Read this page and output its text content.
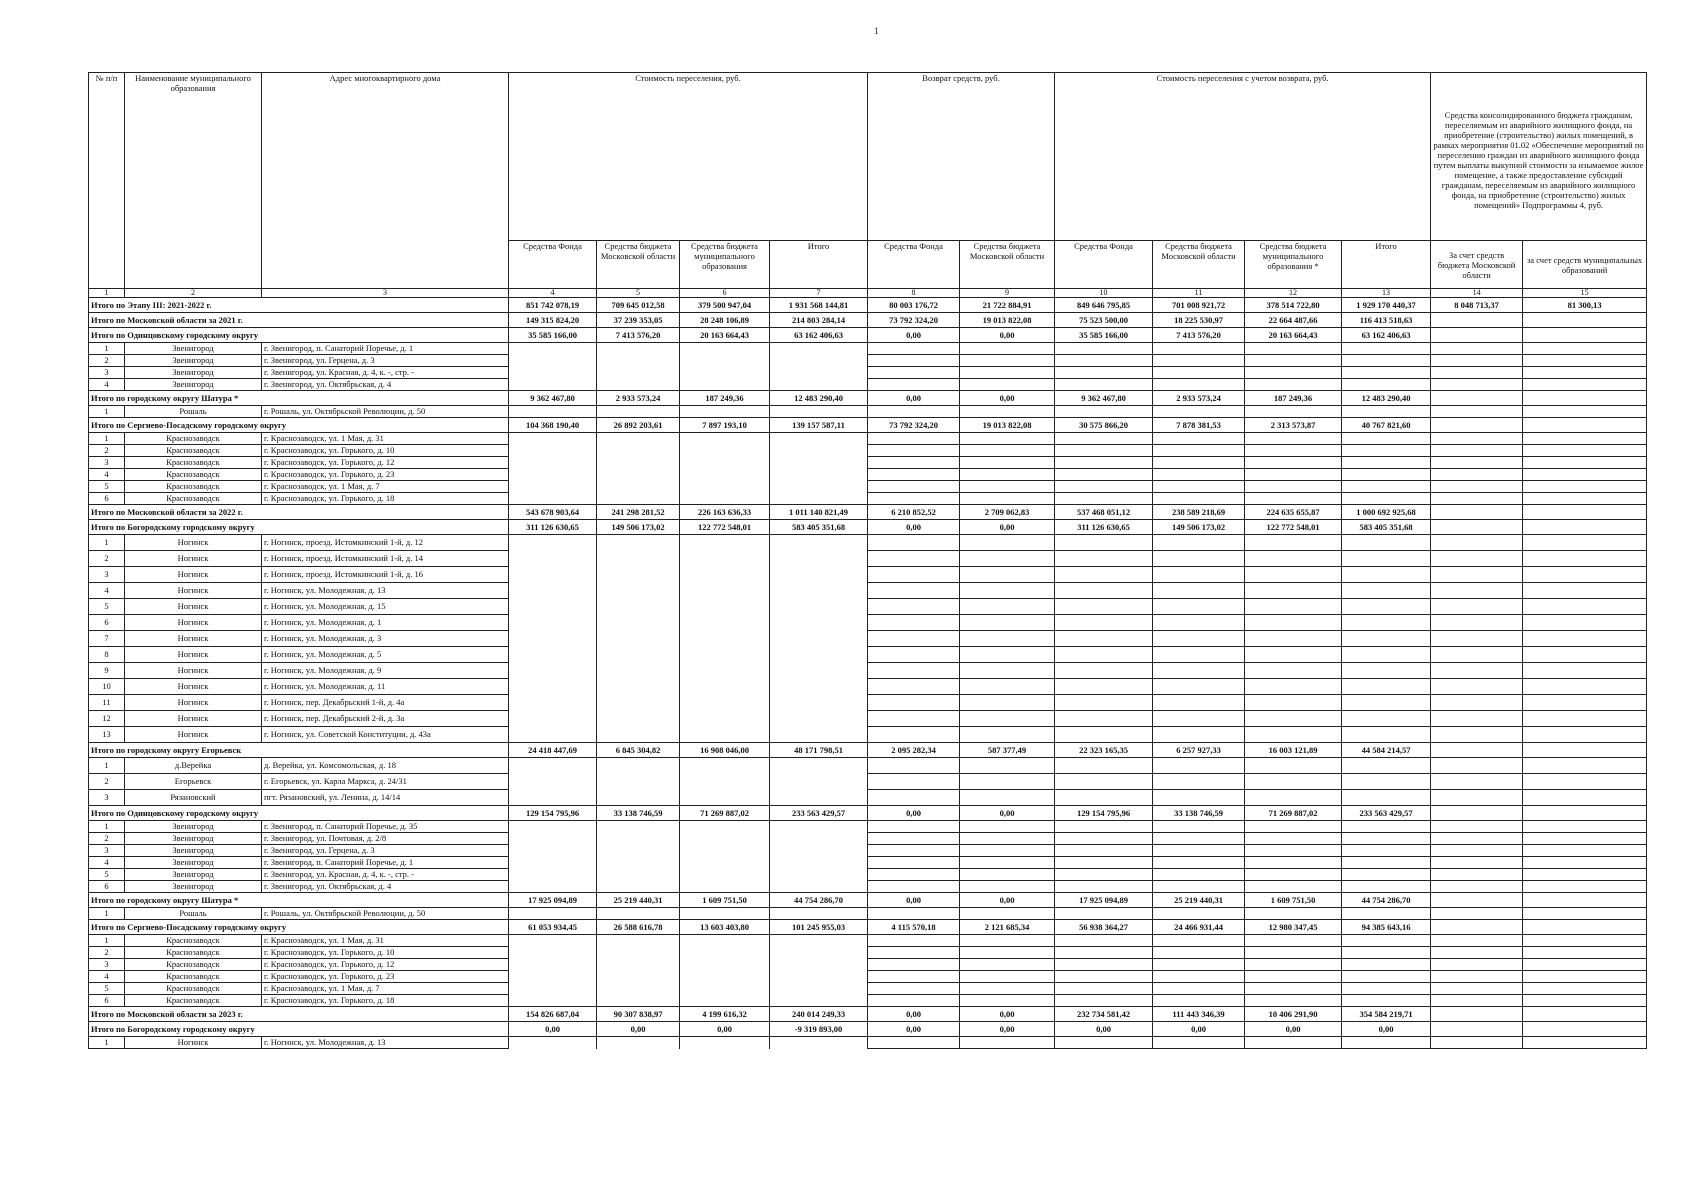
1
№ п/п	Наименование муниципального образования	Адрес многоквартирного дома	Стоимость переселения, руб.				Возврат средств, руб.		Стоимость переселения с учетом возврата, руб.				Средства консолидированного бюджета гражданам, переселяемым из аварийного жилищного фонда, на приобретение (строительство) жилых помещений, в рамках мероприятия 01.02 «Обеспечение мероприятий по переселению граждан из аварийного жилищного фонда путем выплаты выкупной стоимости за изымаемое жилое помещение, а также предоставление субсидий гражданам, переселяемым из аварийного жилищного фонда, на приобретение (строительство) жилых помещений» Подпрограммы 4, руб.	
			Средства Фонда	Средства бюджета Московской области	Средства бюджета муниципального образования	Итого	Средства Фонда	Средства бюджета Московской области	Средства Фонда	Средства бюджета Московской области	Средства бюджета муниципального образования *	Итого	За счет средств бюджета Московской области	за счет средств муниципальных образований
1	2	3	4	5	6	7	8	9	10	11	12	13	14	15
Итого по Этапу III: 2021-2022 г.			851 742 078,19	709 645 012,58	379 500 947,04	1 931 568 144,81	80 003 176,72	21 722 884,91	849 646 795,85	701 008 921,72	378 514 722,80	1 929 170 440,37	8 048 713,37	81 300,13
Итого по Московской области за 2021 г.			149 315 824,20	37 239 353,05	28 248 106,89	214 803 284,14	73 792 324,20	19 013 822,08	75 523 500,00	18 225 530,97	22 664 487,66	116 413 518,63		
Итого по Одинцовскому городскому округу			35 585 166,00	7 413 576,20	20 163 664,43	63 162 406,63	0,00	0,00	35 585 166,00	7 413 576,20	20 163 664,43	63 162 406,63		
1	Звенигород	г. Звенигород, п. Санаторий Поречье, д. 1												
2	Звенигород	г. Звенигород, ул. Герцена, д. 3												
3	Звенигород	г. Звенигород, ул. Красная, д. 4, к. -, стр. -												
4	Звенигород	г. Звенигород, ул. Октябрьская, д. 4												
Итого по городскому округу Шатура *			9 362 467,80	2 933 573,24	187 249,36	12 483 290,40	0,00	0,00	9 362 467,80	2 933 573,24	187 249,36	12 483 290,40		
1	Рошаль	г. Рошаль, ул. Октябрьской Революции, д. 50												
Итого по Сергиево-Посадскому городскому округу			104 368 190,40	26 892 203,61	7 897 193,10	139 157 587,11	73 792 324,20	19 013 822,08	30 575 866,20	7 878 381,53	2 313 573,87	40 767 821,60		
1	Краснозаводск	г. Краснозаводск, ул. 1 Мая, д. 31												
2	Краснозаводск	г. Краснозаводск, ул. Горького, д. 10												
3	Краснозаводск	г. Краснозаводск, ул. Горького, д. 12												
4	Краснозаводск	г. Краснозаводск, ул. Горького, д. 23												
5	Краснозаводск	г. Краснозаводск, ул. 1 Мая, д. 7												
6	Краснозаводск	г. Краснозаводск, ул. Горького, д. 18												
Итого по Московской области за 2022 г.			543 678 903,64	241 298 281,52	226 163 636,33	1 011 140 821,49	6 210 852,52	2 709 062,83	537 468 051,12	238 589 218,69	224 635 655,87	1 000 692 925,68		
Итого по Богородскому городскому округу			311 126 630,65	149 506 173,02	122 772 548,01	583 405 351,68	0,00	0,00	311 126 630,65	149 506 173,02	122 772 548,01	583 405 351,68		
1	Ногинск	г. Ногинск, проезд. Истомкинский 1-й, д. 12												
2	Ногинск	г. Ногинск, проезд. Истомкинский 1-й, д. 14												
3	Ногинск	г. Ногинск, проезд. Истомкинский 1-й, д. 16												
4	Ногинск	г. Ногинск, ул. Молодежная, д. 13												
5	Ногинск	г. Ногинск, ул. Молодежная, д. 15												
6	Ногинск	г. Ногинск, ул. Молодежная, д. 1												
7	Ногинск	г. Ногинск, ул. Молодежная, д. 3												
8	Ногинск	г. Ногинск, ул. Молодежная, д. 5												
9	Ногинск	г. Ногинск, ул. Молодежная, д. 9												
10	Ногинск	г. Ногинск, ул. Молодежная, д. 11												
11	Ногинск	г. Ногинск, пер. Декабрьский 1-й, д. 4а												
12	Ногинск	г. Ногинск, пер. Декабрьский 2-й, д. 3а												
13	Ногинск	г. Ногинск, ул. Советской Конституции, д. 43а												
Итого по городскому округу Егорьевск			24 418 447,69	6 845 304,82	16 908 046,00	48 171 798,51	2 095 282,34	587 377,49	22 323 165,35	6 257 927,33	16 003 121,89	44 584 214,57		
1	д.Верейка	д. Верейка, ул. Комсомольская, д. 18												
2	Егорьевск	г. Егорьевск, ул. Карла Маркса, д. 24/31												
3	Рязановский	пгт. Рязановский, ул. Ленина, д. 14/14												
Итого по Одинцовскому городскому округу			129 154 795,96	33 138 746,59	71 269 887,02	233 563 429,57	0,00	0,00	129 154 795,96	33 138 746,59	71 269 887,02	233 563 429,57		
1	Звенигород	г. Звенигород, п. Санаторий Поречье, д. 35												
2	Звенигород	г. Звенигород, ул. Почтовая, д. 2/8												
3	Звенигород	г. Звенигород, ул. Герцена, д. 3												
4	Звенигород	г. Звенигород, п. Санаторий Поречье, д. 1												
5	Звенигород	г. Звенигород, ул. Красная, д. 4, к. -, стр. -												
6	Звенигород	г. Звенигород, ул. Октябрьская, д. 4												
Итого по городскому округу Шатура *			17 925 094,89	25 219 440,31	1 609 751,50	44 754 286,70	0,00	0,00	17 925 094,89	25 219 440,31	1 609 751,50	44 754 286,70		
1	Рошаль	г. Рошаль, ул. Октябрьской Революции, д. 50												
Итого по Сергиево-Посадскому городскому округу			61 053 934,45	26 588 616,78	13 603 403,80	101 245 955,03	4 115 570,18	2 121 685,34	56 938 364,27	24 466 931,44	12 980 347,45	94 385 643,16		
1	Краснозаводск	г. Краснозаводск, ул. 1 Мая, д. 31												
2	Краснозаводск	г. Краснозаводск, ул. Горького, д. 10												
3	Краснозаводск	г. Краснозаводск, ул. Горького, д. 12												
4	Краснозаводск	г. Краснозаводск, ул. Горького, д. 23												
5	Краснозаводск	г. Краснозаводск, ул. 1 Мая, д. 7												
6	Краснозаводск	г. Краснозаводск, ул. Горького, д. 18												
Итого по Московской области за 2023 г.			154 826 687,04	90 307 838,97	4 199 616,32	240 014 249,33	0,00	0,00	232 734 581,42	111 443 346,39	10 406 291,90	354 584 219,71		
Итого по Богородскому городскому округу			0,00	0,00	0,00	-9 319 893,00	0,00	0,00	0,00	0,00	0,00	0,00		
1	Ногинск	г. Ногинск, ул. Молодежная, д. 13												
